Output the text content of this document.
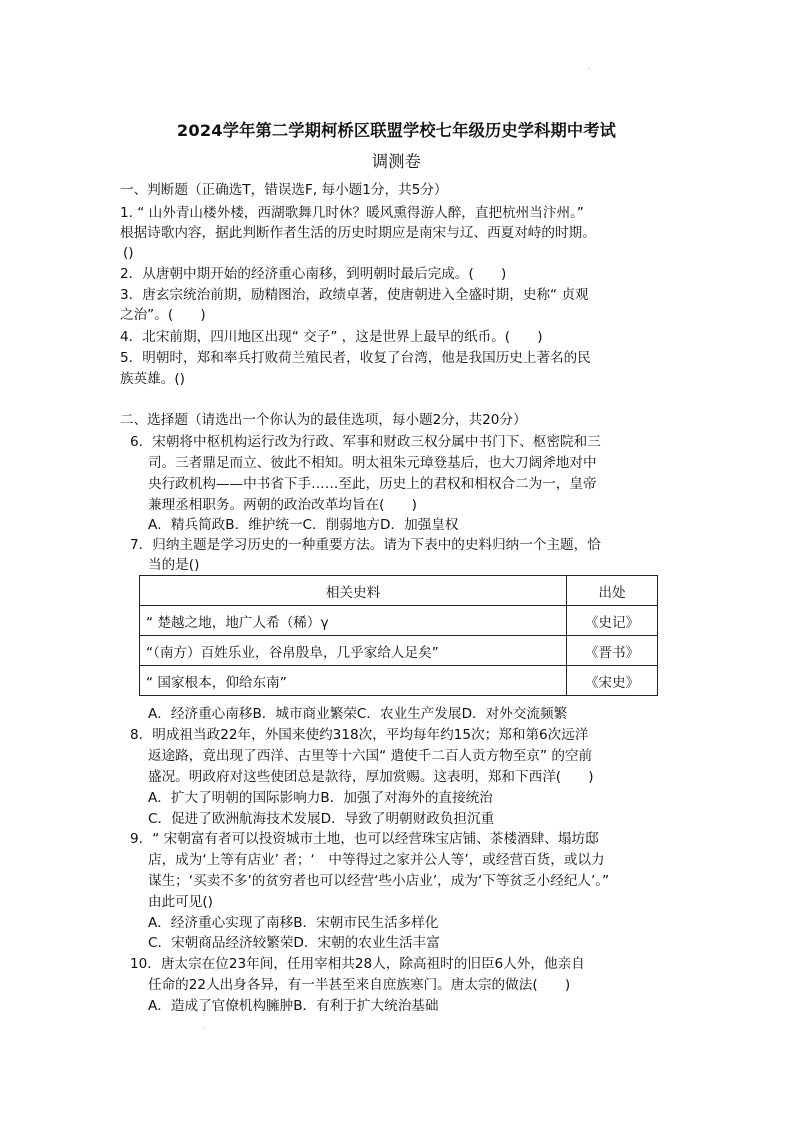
.
2024学年第二学期柯桥区联盟学校七年级历史学科期中考试
调测卷
一、判断题（正确选T，错误选F, 每小题1分，共5分）
1. “ 山外青山楼外楼，西湖歌舞几时休？暖风熏得游人醉，直把杭州当汴州。”
根据诗歌内容，据此判断作者生活的历史时期应是南宋与辽、西夏对峙的时期。
()
2．从唐朝中期开始的经济重心南移，到明朝时最后完成。(　　)
3．唐玄宗统治前期，励精图治，政绩卓著，使唐朝进入全盛时期，史称“ 贞观
之治”。(　　)
4．北宋前期，四川地区出现“ 交子” ，这是世界上最早的纸币。(　　)
5．明朝时，郑和率兵打败荷兰殖民者，收复了台湾，他是我国历史上著名的民
族英雄。()
二、选择题（请选出一个你认为的最佳选项，每小题2分，共20分）
6．宋朝将中枢机构运行改为行政、军事和财政三权分属中书门下、枢密院和三
司。三者鼎足而立、彼此不相知。明太祖朱元璋登基后，也大刀阔斧地对中
央行政机构——中书省下手……至此，历史上的君权和相权合二为一，皇帝
兼理丞相职务。两朝的政治改革均旨在(　　)
A．精兵简政B．维护统一C．削弱地方D．加强皇权
7．归纳主题是学习历史的一种重要方法。请为下表中的史料归纳一个主题，恰
当的是()
相关史料	出处
“ 楚越之地，地广人希（稀）γ	《史记》
“（南方）百姓乐业，谷帛殷阜，几乎家给人足矣”	《晋书》
“ 国家根本，仰给东南”	《宋史》
A．经济重心南移B．城市商业繁荣C．农业生产发展D．对外交流频繁
8．明成祖当政22年，外国来使约318次，平均每年约15次；郑和第6次远洋
返途路，竟出现了西洋、古里等十六国“ 遣使千二百人贡方物至京” 的空前
盛况。明政府对这些使团总是款待，厚加赏赐。这表明，郑和下西洋(　　)
A．扩大了明朝的国际影响力B．加强了对海外的直接统治
C．促进了欧洲航海技术发展D．导致了明朝财政负担沉重
9．“ 宋朝富有者可以投资城市土地，也可以经营珠宝店铺、茶楼酒肆、塌坊邸
店，成为‘上等有店业’ 者；‘　中等得过之家并公人等’，或经营百货，或以力
谋生；‘买卖不多’的贫穷者也可以经营‘些小店业’，成为‘下等贫乏小经纪人’。”
由此可见()
A．经济重心实现了南移B．宋朝市民生活多样化
C．宋朝商品经济较繁荣D．宋朝的农业生活丰富
10．唐太宗在位23年间，任用宰相共28人，除高祖时的旧臣6人外，他亲自
任命的22人出身各异，有一半甚至来自庶族寒门。唐太宗的做法(　　)
A．造成了官僚机构臃肿B．有利于扩大统治基础
.
